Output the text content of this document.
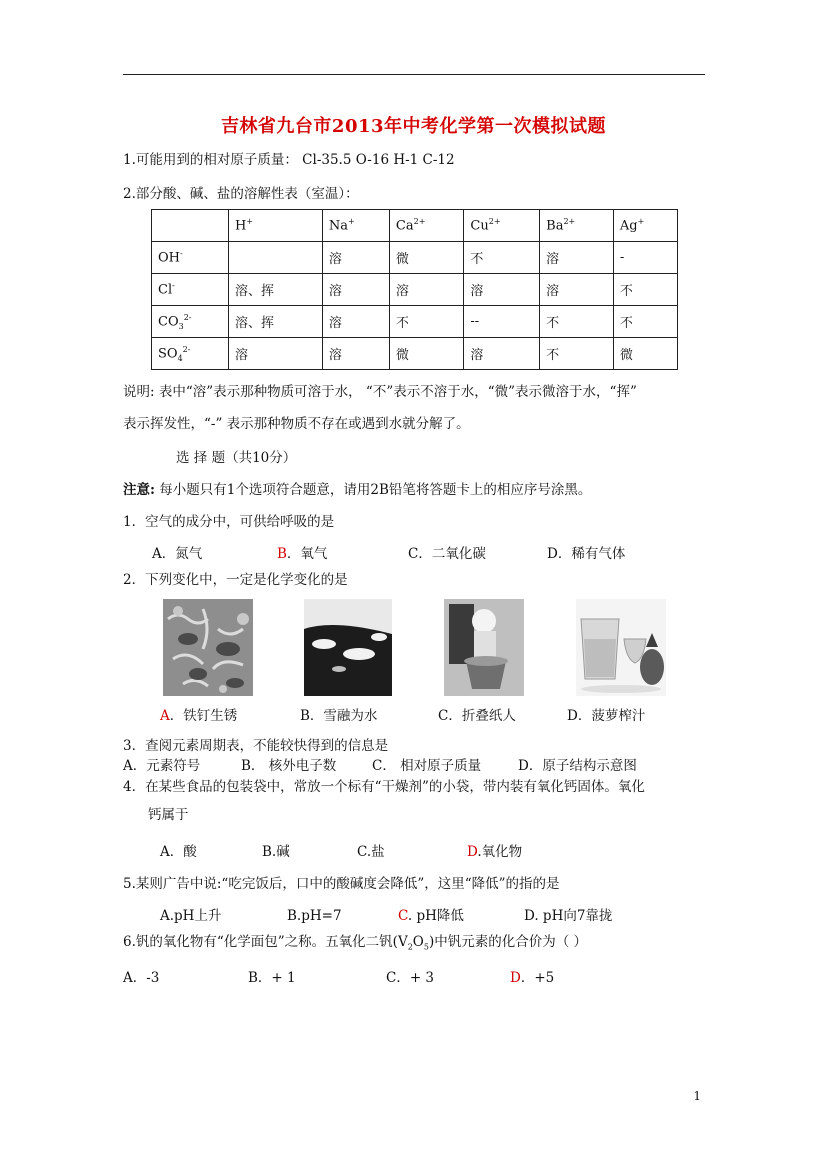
吉林省九台市2013年中考化学第一次模拟试题
1.可能用到的相对原子质量： Cl-35.5 O-16 H-1 C-12
2.部分酸、碱、盐的溶解性表（室温）：
	H+	Na+	$Ca^{2+}$	$Cu^{2+}$	$Ba^{2+}$	Ag+
OH-		溶	微	不	溶	-
Cl-	溶、挥	溶	溶	溶	溶	不
$CO_3^{2-}$	溶、挥	溶	不	--	不	不
$SO_4^{2-}$	溶	溶	微	溶	不	微
说明: 表中“溶”表示那种物质可溶于水， “不”表示不溶于水，“微”表示微溶于水，“挥”
表示挥发性，“-” 表示那种物质不存在或遇到水就分解了。
选 择 题（共10分）
注意: 每小题只有1个选项符合题意，请用2B铅笔将答题卡上的相应序号涂黑。
1．空气的成分中，可供给呼吸的是
A．氮气	B．氧气	C．二氧化碳	D．稀有气体
2．下列变化中，一定是化学变化的是
A．铁钉生锈	B．雪融为水	C．折叠纸人	D．菠萝榨汁
3．查阅元素周期表，不能较快得到的信息是
A．元素符号	B． 核外电子数	C． 相对原子质量	D．原子结构示意图
4．在某些食品的包装袋中，常放一个标有“干燥剂”的小袋，带内装有氧化钙固体。氧化
钙属于
A．酸	B.碱	C.盐	D.氧化物
5.某则广告中说:“吃完饭后，口中的酸碱度会降低”，这里“降低”的指的是
A.pH上升	B.pH=7	C. pH降低	D. pH向7靠拢
6.钒的氧化物有“化学面包”之称。五氧化二钒$(V_2O_5)$中钒元素的化合价为（ ）
A．-3	B．+ 1	C．+ 3	D．+5
1
